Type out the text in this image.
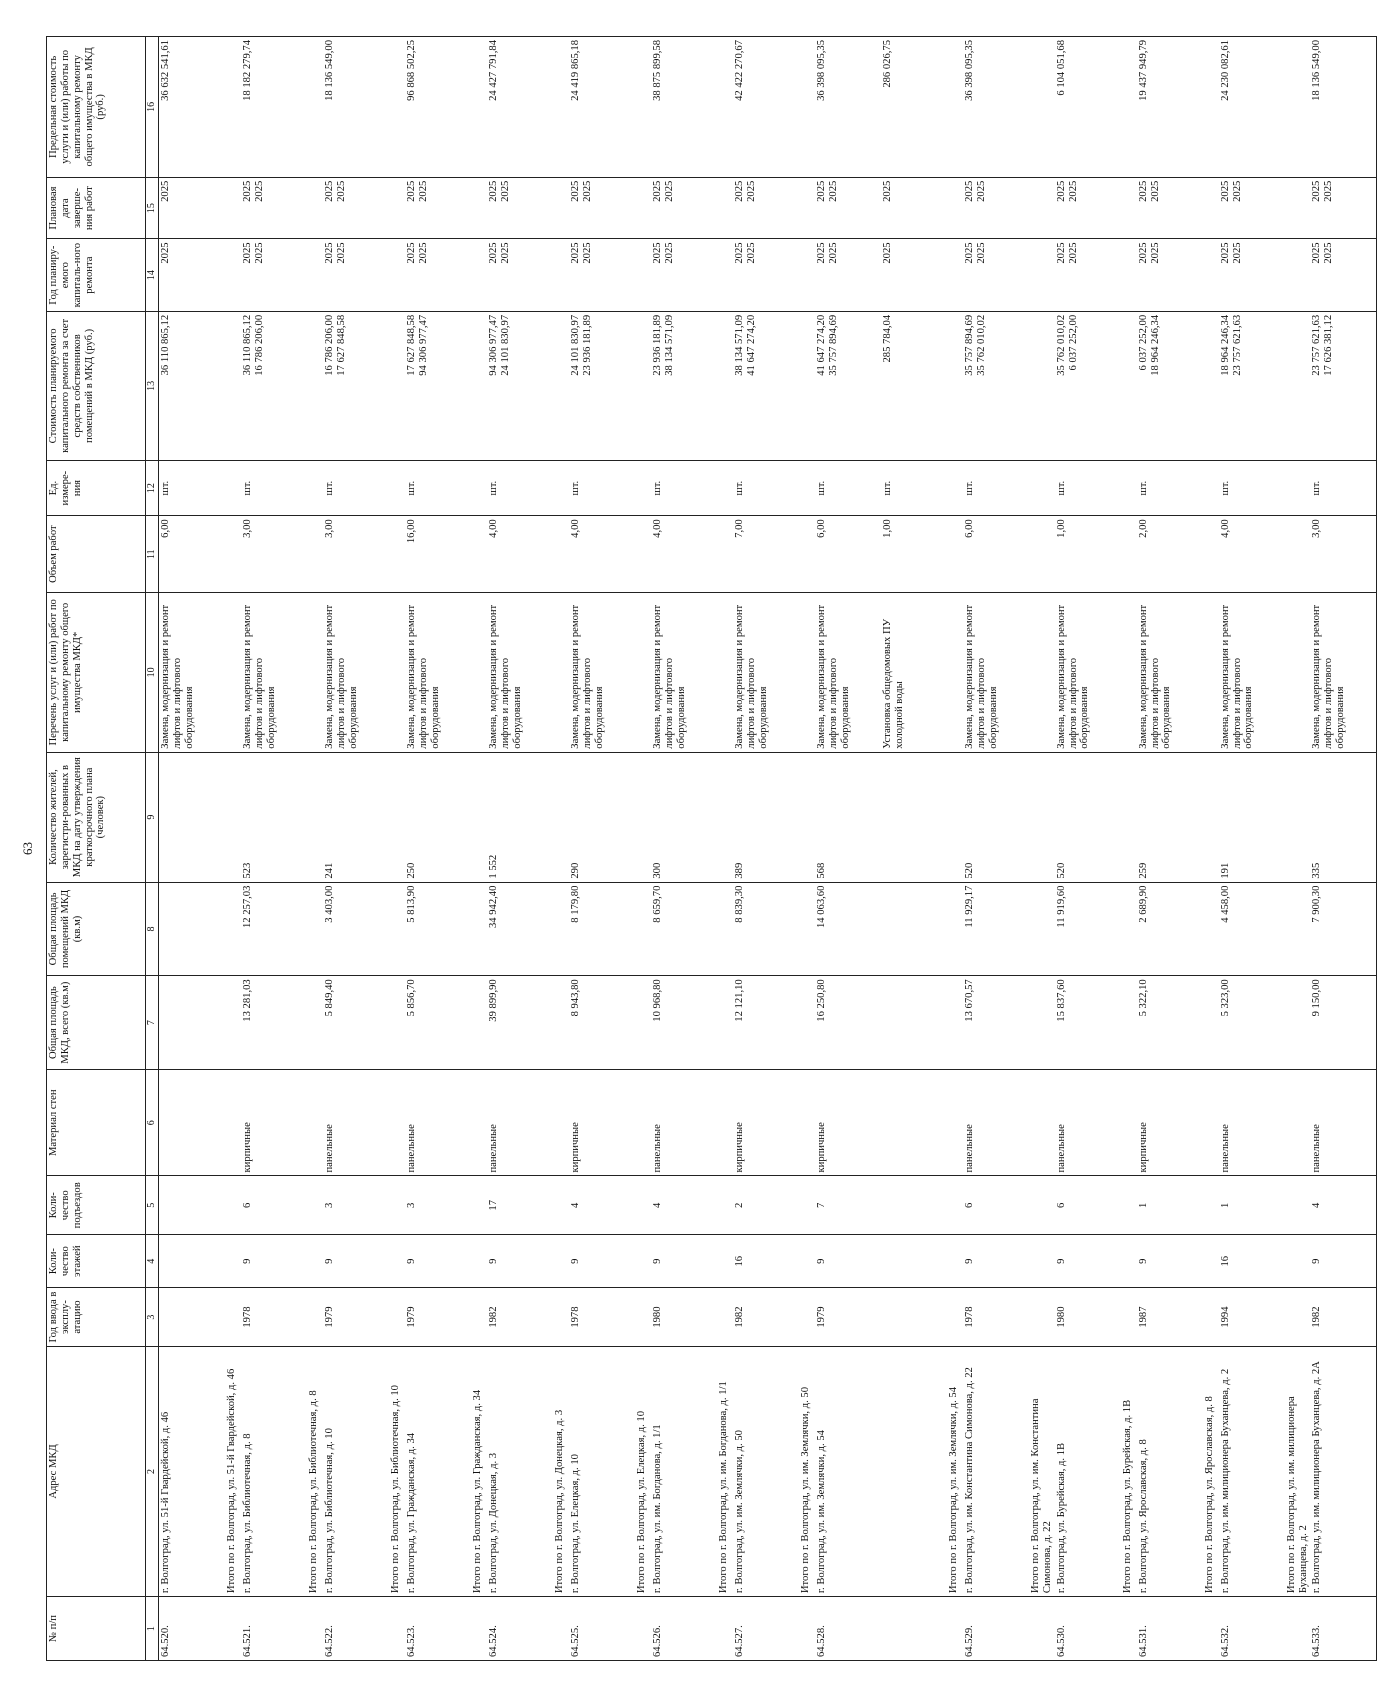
63
№ п/п	Адрес МКД	Год ввода в эксплу-атацию	Коли-чество этажей	Коли-чество подъездов	Материал стен	Общая площадь МКД, всего (кв.м)	Общая площадь помещений МКД (кв.м)	Количество жителей, зарегистри-рованных в МКД на дату утверждения краткосрочного плана (человек)	Перечень услуг и (или) работ по капитальному ремонту общего имущества МКД*	Объем работ	Ед. измере-ния	Стоимость планируемого капитального ремонта за счет средств собственников помещений в МКД (руб.)	Год планиру-емого капиталь-ного ремонта	Плановая дата заверше-ния работ	Предельная стоимость услуги и (или) работы по капитальному ремонту общего имущества в МКД (руб.)
1	2	3	4	5	6	7	8	9	10	11	12	13	14	15	16
64.520.	г. Волгоград, ул. 51-й Гвардейской, д. 46								Замена, модернизация и ремонт лифтов и лифтового оборудования	6,00	шт.	36 110 865,12	2025	2025	36 632 541,61
	Итого по г. Волгоград, ул. 51-й Гвардейской, д. 46														
64.521.	г. Волгоград, ул. Библиотечная, д. 8	1978	9	6	кирпичные	13 281,03	12 257,03	523	Замена, модернизация и ремонт лифтов и лифтового оборудования	3,00	шт.	36 110 865,12 16 786 206,00	2025 2025	2025 2025	18 182 279,74
	Итого по г. Волгоград, ул. Библиотечная, д. 8														
64.522.	г. Волгоград, ул. Библиотечная, д. 10	1979	9	3	панельные	5 849,40	3 403,00	241	Замена, модернизация и ремонт лифтов и лифтового оборудования	3,00	шт.	16 786 206,00 17 627 848,58	2025 2025	2025 2025	18 136 549,00
	Итого по г. Волгоград, ул. Библиотечная, д. 10														
64.523.	г. Волгоград, ул. Гражданская, д. 34	1979	9	3	панельные	5 856,70	5 813,90	250	Замена, модернизация и ремонт лифтов и лифтового оборудования	16,00	шт.	17 627 848,58 94 306 977,47	2025 2025	2025 2025	96 868 502,25
	Итого по г. Волгоград, ул. Гражданская, д. 34														
64.524.	г. Волгоград, ул. Донецкая, д. 3	1982	9	17	панельные	39 899,90	34 942,40	1 552	Замена, модернизация и ремонт лифтов и лифтового оборудования	4,00	шт.	94 306 977,47 24 101 830,97	2025 2025	2025 2025	24 427 791,84
	Итого по г. Волгоград, ул. Донецкая, д. 3														
64.525.	г. Волгоград, ул. Елецкая, д. 10	1978	9	4	кирпичные	8 943,80	8 179,80	290	Замена, модернизация и ремонт лифтов и лифтового оборудования	4,00	шт.	24 101 830,97 23 936 181,89	2025 2025	2025 2025	24 419 865,18
	Итого по г. Волгоград, ул. Елецкая, д. 10														
64.526.	г. Волгоград, ул. им. Богданова, д. 1/1	1980	9	4	панельные	10 968,80	8 659,70	300	Замена, модернизация и ремонт лифтов и лифтового оборудования	4,00	шт.	23 936 181,89 38 134 571,09	2025 2025	2025 2025	38 875 899,58
	Итого по г. Волгоград, ул. им. Богданова, д. 1/1														
64.527.	г. Волгоград, ул. им. Землячки, д. 50	1982	16	2	кирпичные	12 121,10	8 839,30	389	Замена, модернизация и ремонт лифтов и лифтового оборудования	7,00	шт.	38 134 571,09 41 647 274,20	2025 2025	2025 2025	42 422 270,67
	Итого по г. Волгоград, ул. им. Землячки, д. 50														
64.528.	г. Волгоград, ул. им. Землячки, д. 54	1979	9	7	кирпичные	16 250,80	14 063,60	568	Замена, модернизация и ремонт лифтов и лифтового оборудования	6,00	шт.	41 647 274,20 35 757 894,69	2025 2025	2025 2025	36 398 095,35
									Установка общедомовых ПУ холодной воды	1,00	шт.	285 784,04	2025	2025	286 026,75
	Итого по г. Волгоград, ул. им. Землячки, д. 54														
64.529.	г. Волгоград, ул. им. Константина Симонова, д. 22	1978	9	6	панельные	13 670,57	11 929,17	520	Замена, модернизация и ремонт лифтов и лифтового оборудования	6,00	шт.	35 757 894,69 35 762 010,02	2025 2025	2025 2025	36 398 095,35
	Итого по г. Волгоград, ул. им. Константина Симонова, д. 22														
64.530.	г. Волгоград, ул. Бурейская, д. 1В	1980	9	6	панельные	15 837,60	11 919,60	520	Замена, модернизация и ремонт лифтов и лифтового оборудования	1,00	шт.	35 762 010,02 6 037 252,00	2025 2025	2025 2025	6 104 051,68
	Итого по г. Волгоград, ул. Бурейская, д. 1В														
64.531.	г. Волгоград, ул. Ярославская, д. 8	1987	9	1	кирпичные	5 322,10	2 689,90	259	Замена, модернизация и ремонт лифтов и лифтового оборудования	2,00	шт.	6 037 252,00 18 964 246,34	2025 2025	2025 2025	19 437 949,79
	Итого по г. Волгоград, ул. Ярославская, д. 8														
64.532.	г. Волгоград, ул. им. милиционера Буханцева, д. 2	1994	16	1	панельные	5 323,00	4 458,00	191	Замена, модернизация и ремонт лифтов и лифтового оборудования	4,00	шт.	18 964 246,34 23 757 621,63	2025 2025	2025 2025	24 230 082,61
	Итого по г. Волгоград, ул. им. милиционера Буханцева, д. 2														
64.533.	г. Волгоград, ул. им. милиционера Буханцева, д. 2А	1982	9	4	панельные	9 150,00	7 900,30	335	Замена, модернизация и ремонт лифтов и лифтового оборудования	3,00	шт.	23 757 621,63 17 626 381,12	2025 2025	2025 2025	18 136 549,00
